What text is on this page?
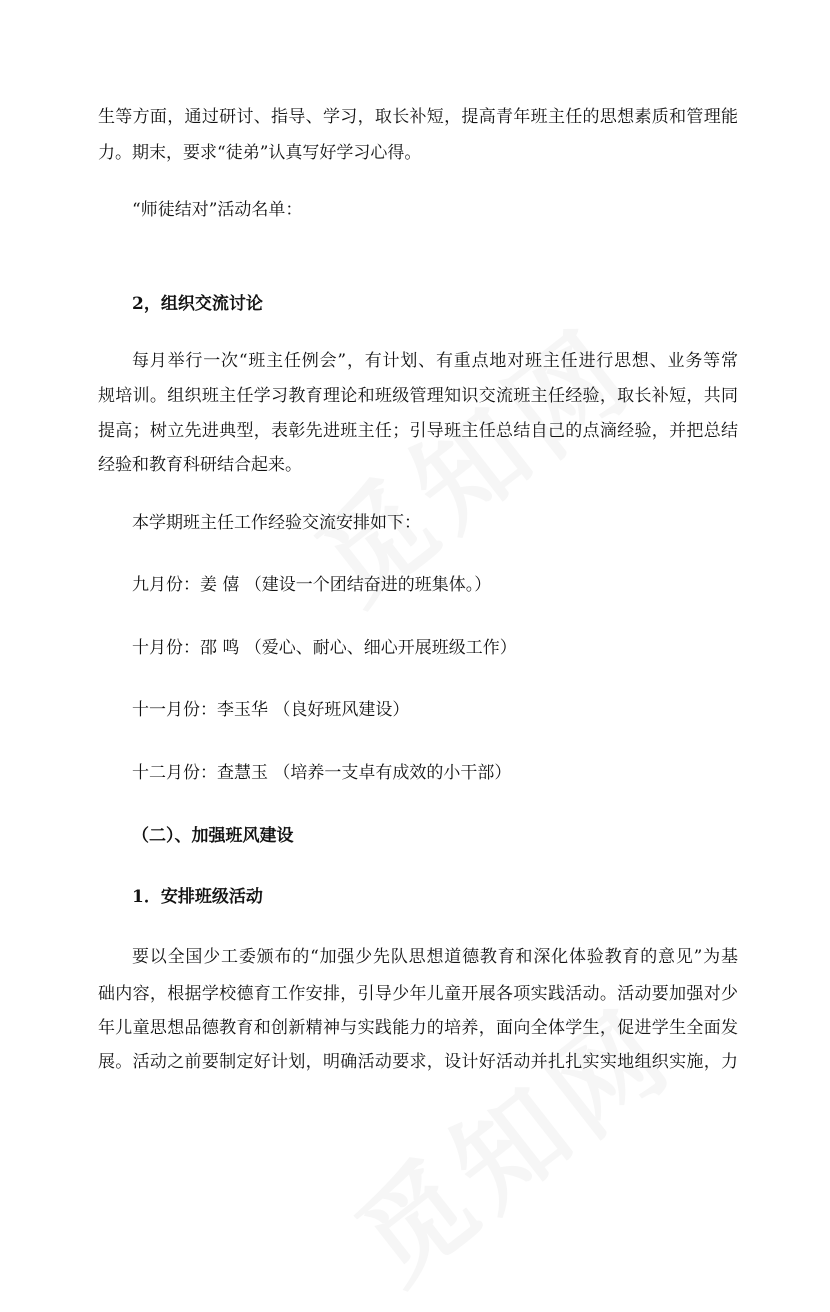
生等方面，通过研讨、指导、学习，取长补短，提高青年班主任的思想素质和管理能
力。期末，要求“徒弟”认真写好学习心得。
“师徒结对”活动名单：
2，组织交流讨论
每月举行一次“班主任例会”，有计划、有重点地对班主任进行思想、业务等常
规培训。组织班主任学习教育理论和班级管理知识交流班主任经验，取长补短，共同
提高；树立先进典型，表彰先进班主任；引导班主任总结自己的点滴经验，并把总结
经验和教育科研结合起来。
本学期班主任工作经验交流安排如下：
九月份：姜 僖 （建设一个团结奋进的班集体。）
十月份：邵 鸣 （爱心、耐心、细心开展班级工作）
十一月份：李玉华 （良好班风建设）
十二月份：查慧玉 （培养一支卓有成效的小干部）
（二）、加强班风建设
1．安排班级活动
要以全国少工委颁布的“加强少先队思想道德教育和深化体验教育的意见”为基
础内容，根据学校德育工作安排，引导少年儿童开展各项实践活动。活动要加强对少
年儿童思想品德教育和创新精神与实践能力的培养，面向全体学生，促进学生全面发
展。活动之前要制定好计划，明确活动要求，设计好活动并扎扎实实地组织实施，力
